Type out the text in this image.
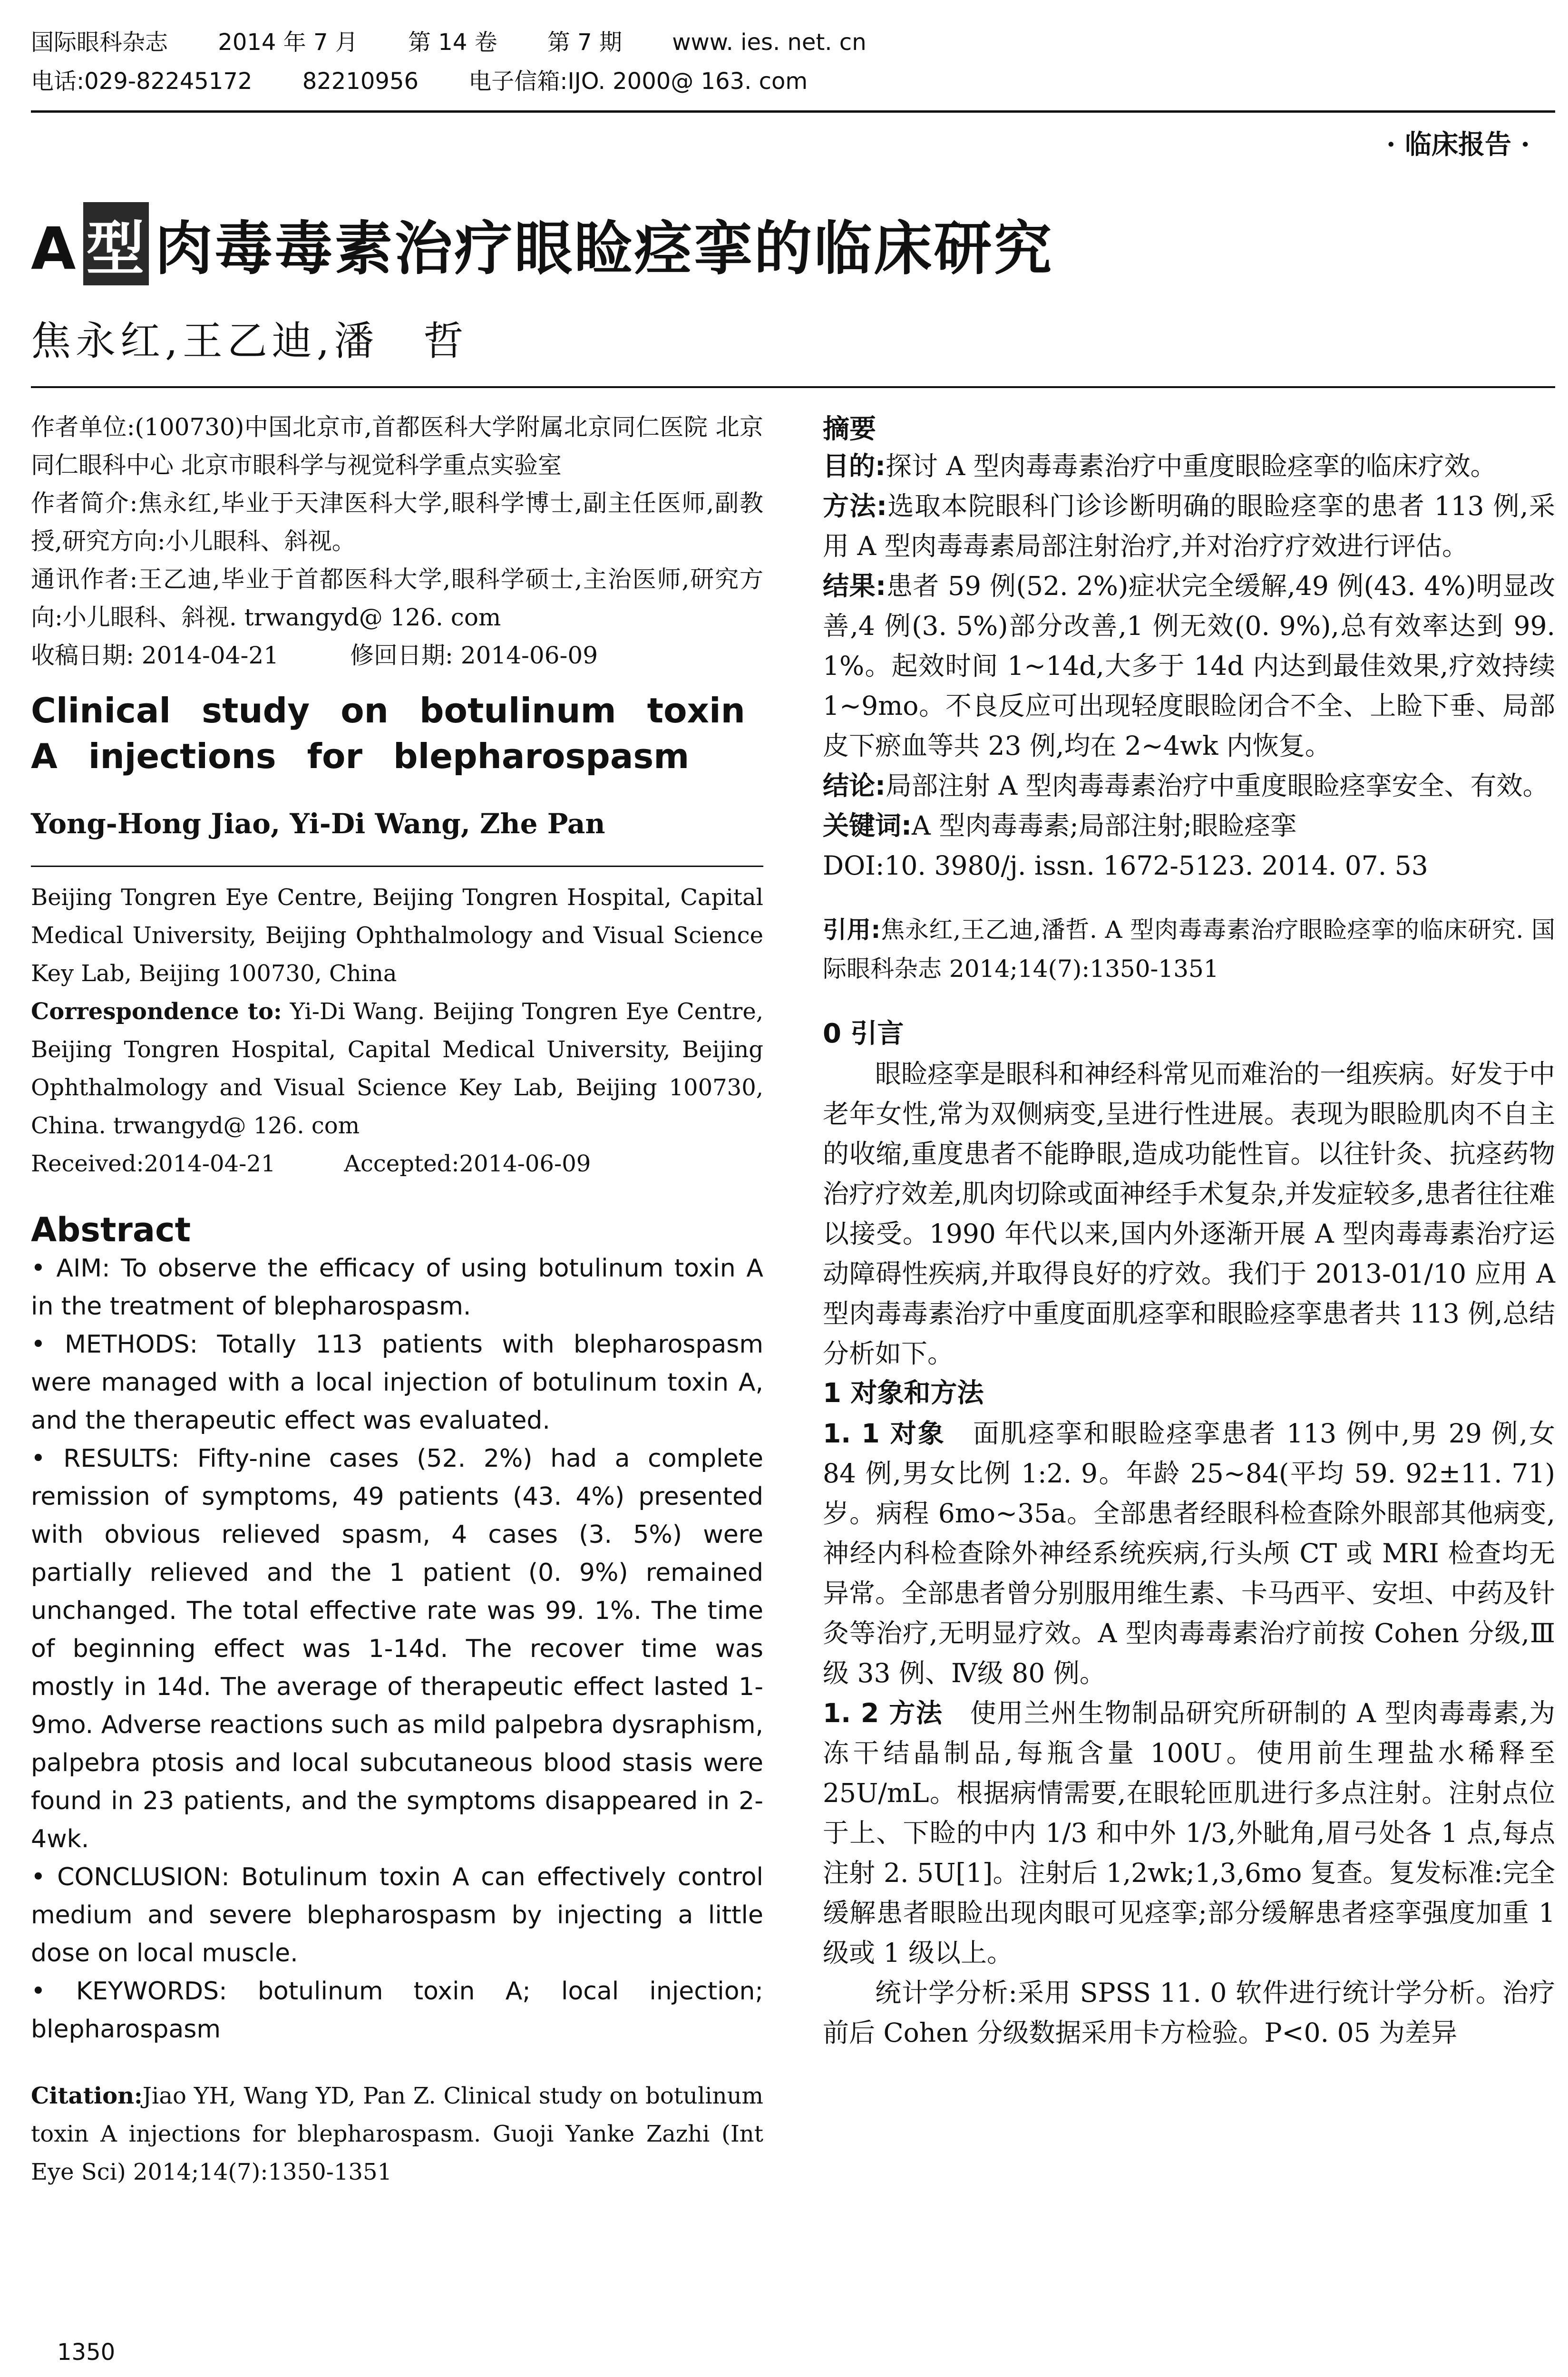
国际眼科杂志 2014 年 7 月 第 14 卷 第 7 期 www. ies. net. cn
电话:029-82245172 82210956 电子信箱:IJO. 2000@ 163. com
· 临床报告 ·
A 型 肉毒毒素治疗眼睑痉挛的临床研究
焦永红,王乙迪,潘　哲

作者单位:(100730)中国北京市,首都医科大学附属北京同仁医院 北京同仁眼科中心 北京市眼科学与视觉科学重点实验室

作者简介:焦永红,毕业于天津医科大学,眼科学博士,副主任医师,副教授,研究方向:小儿眼科、斜视。

通讯作者:王乙迪,毕业于首都医科大学,眼科学硕士,主治医师,研究方向:小儿眼科、斜视. trwangyd@ 126. com

收稿日期: 2014-04-21　　　修回日期: 2014-06-09

Clinical study on botulinum toxin A injections for blepharospasm
Yong-Hong Jiao, Yi-Di Wang, Zhe Pan

Beijing Tongren Eye Centre, Beijing Tongren Hospital, Capital Medical University, Beijing Ophthalmology and Visual Science Key Lab, Beijing 100730, China

Correspondence to: Yi-Di Wang. Beijing Tongren Eye Centre, Beijing Tongren Hospital, Capital Medical University, Beijing Ophthalmology and Visual Science Key Lab, Beijing 100730, China. trwangyd@ 126. com

Received:2014-04-21　　　Accepted:2014-06-09

Abstract

• AIM: To observe the efficacy of using botulinum toxin A in the treatment of blepharospasm.

• METHODS: Totally 113 patients with blepharospasm were managed with a local injection of botulinum toxin A, and the therapeutic effect was evaluated.

• RESULTS: Fifty-nine cases (52. 2%) had a complete remission of symptoms, 49 patients (43. 4%) presented with obvious relieved spasm, 4 cases (3. 5%) were partially relieved and the 1 patient (0. 9%) remained unchanged. The total effective rate was 99. 1%. The time of beginning effect was 1-14d. The recover time was mostly in 14d. The average of therapeutic effect lasted 1-9mo. Adverse reactions such as mild palpebra dysraphism, palpebra ptosis and local subcutaneous blood stasis were found in 23 patients, and the symptoms disappeared in 2-4wk.

• CONCLUSION: Botulinum toxin A can effectively control medium and severe blepharospasm by injecting a little dose on local muscle.

• KEYWORDS: botulinum toxin A; local injection; blepharospasm

Citation:Jiao YH, Wang YD, Pan Z. Clinical study on botulinum toxin A injections for blepharospasm. Guoji Yanke Zazhi (Int Eye Sci) 2014;14(7):1350-1351
摘要

目的:探讨 A 型肉毒毒素治疗中重度眼睑痉挛的临床疗效。

方法:选取本院眼科门诊诊断明确的眼睑痉挛的患者 113 例,采用 A 型肉毒毒素局部注射治疗,并对治疗疗效进行评估。

结果:患者 59 例(52. 2%)症状完全缓解,49 例(43. 4%)明显改善,4 例(3. 5%)部分改善,1 例无效(0. 9%),总有效率达到 99. 1%。起效时间 1~14d,大多于 14d 内达到最佳效果,疗效持续 1~9mo。不良反应可出现轻度眼睑闭合不全、上睑下垂、局部皮下瘀血等共 23 例,均在 2~4wk 内恢复。

结论:局部注射 A 型肉毒毒素治疗中重度眼睑痉挛安全、有效。

关键词:A 型肉毒毒素;局部注射;眼睑痉挛

DOI:10. 3980/j. issn. 1672-5123. 2014. 07. 53

引用:焦永红,王乙迪,潘哲. A 型肉毒毒素治疗眼睑痉挛的临床研究. 国际眼科杂志 2014;14(7):1350-1351
0 引言

眼睑痉挛是眼科和神经科常见而难治的一组疾病。好发于中老年女性,常为双侧病变,呈进行性进展。表现为眼睑肌肉不自主的收缩,重度患者不能睁眼,造成功能性盲。以往针灸、抗痉药物治疗疗效差,肌肉切除或面神经手术复杂,并发症较多,患者往往难以接受。1990 年代以来,国内外逐渐开展 A 型肉毒毒素治疗运动障碍性疾病,并取得良好的疗效。我们于 2013-01/10 应用 A 型肉毒毒素治疗中重度面肌痉挛和眼睑痉挛患者共 113 例,总结分析如下。

1 对象和方法

1. 1 对象　面肌痉挛和眼睑痉挛患者 113 例中,男 29 例,女 84 例,男女比例 1:2. 9。年龄 25~84(平均 59. 92±11. 71)岁。病程 6mo~35a。全部患者经眼科检查除外眼部其他病变,神经内科检查除外神经系统疾病,行头颅 CT 或 MRI 检查均无异常。全部患者曾分别服用维生素、卡马西平、安坦、中药及针灸等治疗,无明显疗效。A 型肉毒毒素治疗前按 Cohen 分级,Ⅲ级 33 例、Ⅳ级 80 例。

1. 2 方法　使用兰州生物制品研究所研制的 A 型肉毒毒素,为冻干结晶制品,每瓶含量 100U。使用前生理盐水稀释至 25U/mL。根据病情需要,在眼轮匝肌进行多点注射。注射点位于上、下睑的中内 1/3 和中外 1/3,外眦角,眉弓处各 1 点,每点注射 2. 5U[1]。注射后 1,2wk;1,3,6mo 复查。复发标准:完全缓解患者眼睑出现肉眼可见痉挛;部分缓解患者痉挛强度加重 1 级或 1 级以上。

统计学分析:采用 SPSS 11. 0 软件进行统计学分析。治疗前后 Cohen 分级数据采用卡方检验。P<0. 05 为差异

1350
